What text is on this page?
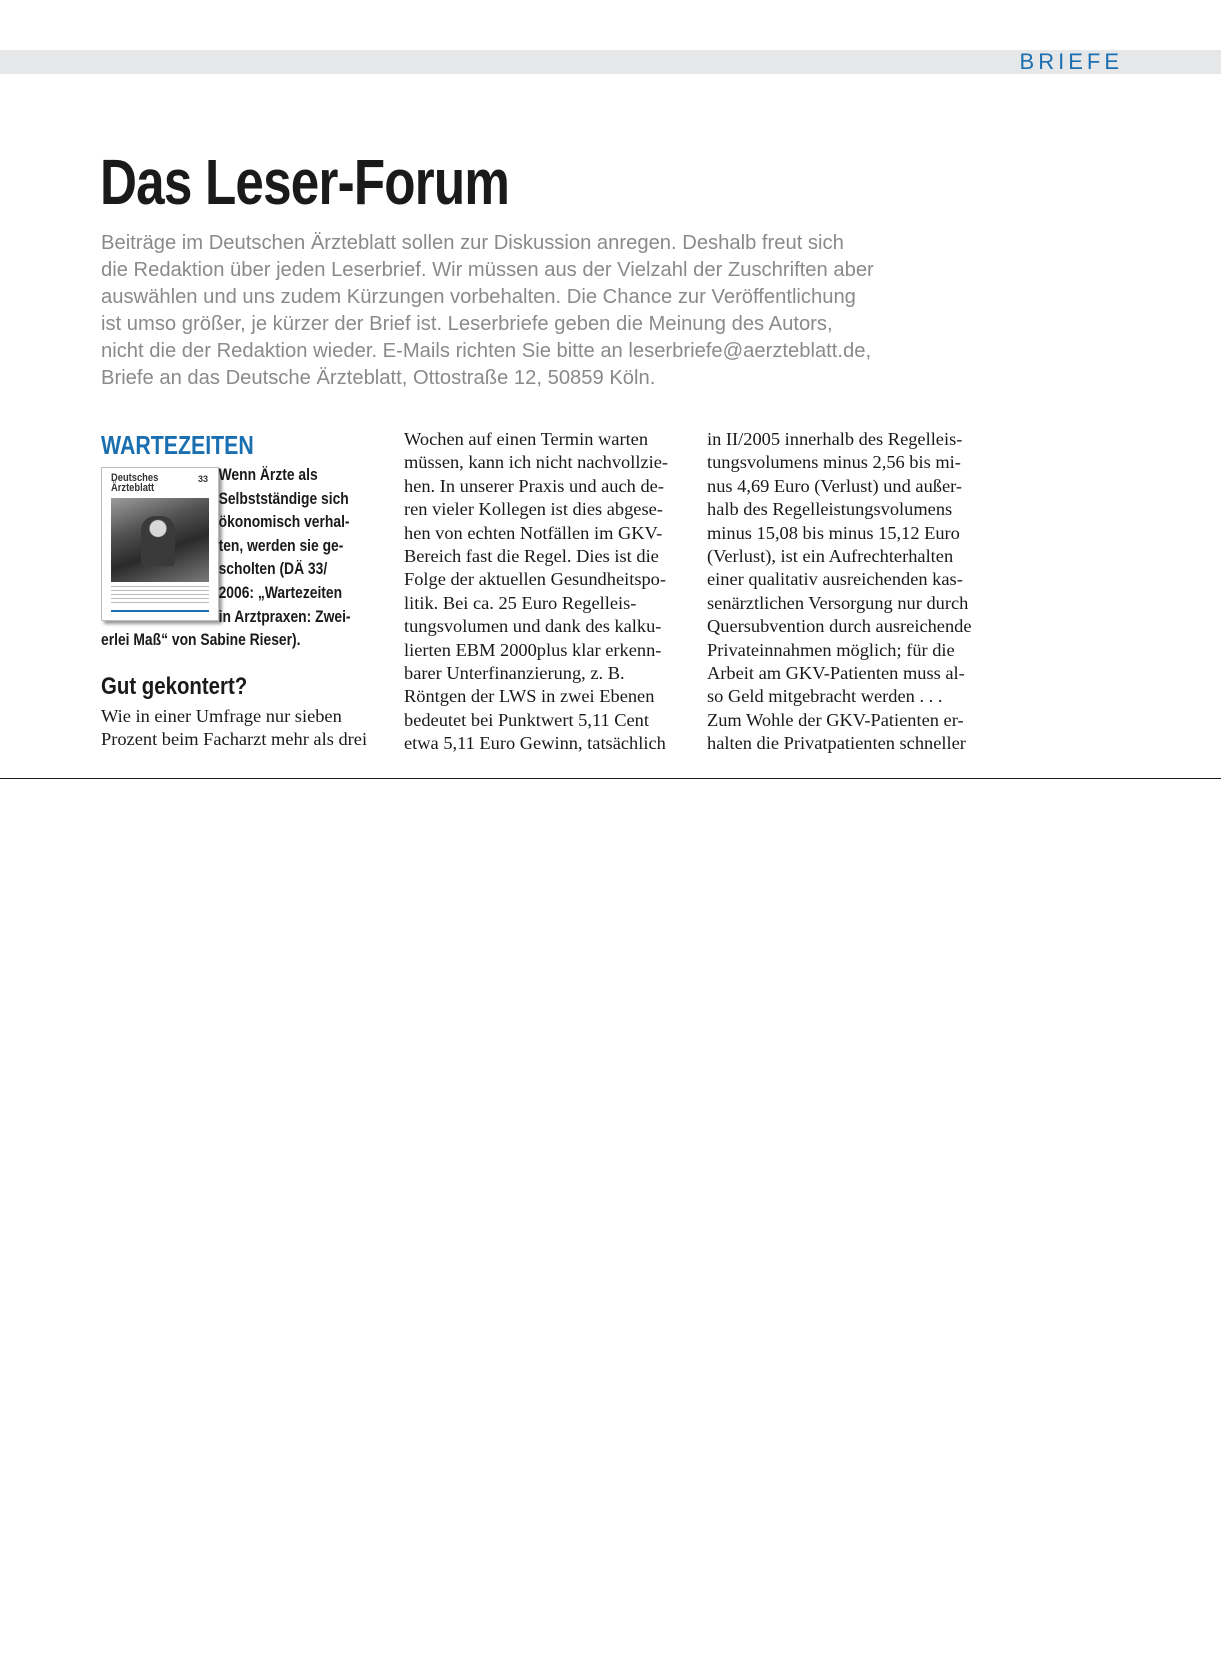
BRIEFE
Das Leser-Forum
Beiträge im Deutschen Ärzteblatt sollen zur Diskussion anregen. Deshalb freut sich
die Redaktion über jeden Leserbrief. Wir müssen aus der Vielzahl der Zuschriften aber
auswählen und uns zudem Kürzungen vorbehalten. Die Chance zur Veröffentlichung
ist umso größer, je kürzer der Brief ist. Leserbriefe geben die Meinung des Autors,
nicht die der Redaktion wieder. E-Mails richten Sie bitte an leserbriefe@aerzteblatt.de,
Briefe an das Deutsche Ärzteblatt, Ottostraße 12, 50859 Köln.
WARTEZEITEN
Deutsches
Ärzteblatt
33 Wenn Ärzte als
Selbstständige sich
ökonomisch verhal-
ten, werden sie ge-
scholten (DÄ 33/
2006: „Wartezeiten
in Arztpraxen: Zwei-
erlei Maß“ von Sabine Rieser).
Gut gekontert?
Wie in einer Umfrage nur sieben
Prozent beim Facharzt mehr als drei
Wochen auf einen Termin warten
müssen, kann ich nicht nachvollzie-
hen. In unserer Praxis und auch de-
ren vieler Kollegen ist dies abgese-
hen von echten Notfällen im GKV-
Bereich fast die Regel. Dies ist die
Folge der aktuellen Gesundheitspo-
litik. Bei ca. 25 Euro Regelleis-
tungsvolumen und dank des kalku-
lierten EBM 2000plus klar erkenn-
barer Unterfinanzierung, z. B.
Röntgen der LWS in zwei Ebenen
bedeutet bei Punktwert 5,11 Cent
etwa 5,11 Euro Gewinn, tatsächlich
in II/2005 innerhalb des Regelleis-
tungsvolumens minus 2,56 bis mi-
nus 4,69 Euro (Verlust) und außer-
halb des Regelleistungsvolumens
minus 15,08 bis minus 15,12 Euro
(Verlust), ist ein Aufrechterhalten
einer qualitativ ausreichenden kas-
senärztlichen Versorgung nur durch
Quersubvention durch ausreichende
Privateinnahmen möglich; für die
Arbeit am GKV-Patienten muss al-
so Geld mitgebracht werden . . .
Zum Wohle der GKV-Patienten er-
halten die Privatpatienten schneller
